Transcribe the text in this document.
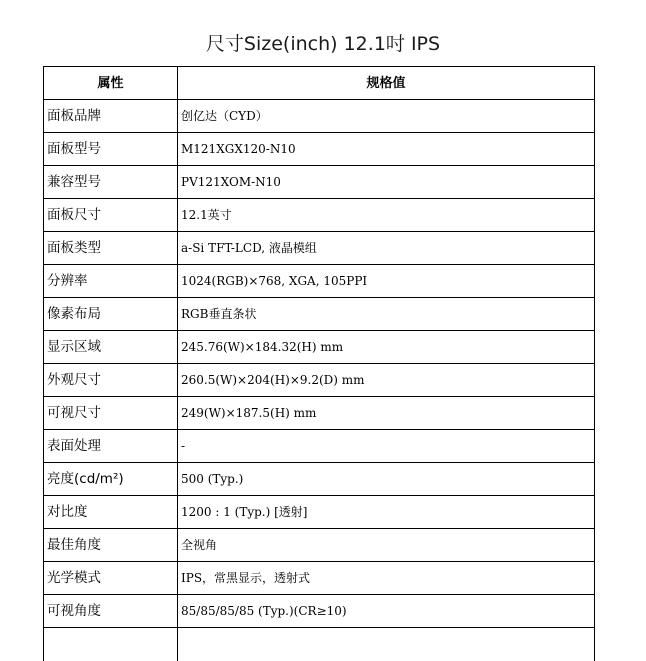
尺寸Size(inch) 12.1吋 IPS
属性	规格值
面板品牌	创亿达（CYD）
面板型号	M121XGX120-N10
兼容型号	PV121XOM-N10
面板尺寸	12.1英寸
面板类型	a-Si TFT-LCD, 液晶模组
分辨率	1024(RGB)×768, XGA, 105PPI
像素布局	RGB垂直条状
显示区域	245.76(W)×184.32(H) mm
外观尺寸	260.5(W)×204(H)×9.2(D) mm
可视尺寸	249(W)×187.5(H) mm
表面处理	-
亮度(cd/m²)	500 (Typ.)
对比度	1200 : 1 (Typ.) [透射]
最佳角度	全视角
光学模式	IPS，常黑显示，透射式
可视角度	85/85/85/85 (Typ.)(CR≥10)
